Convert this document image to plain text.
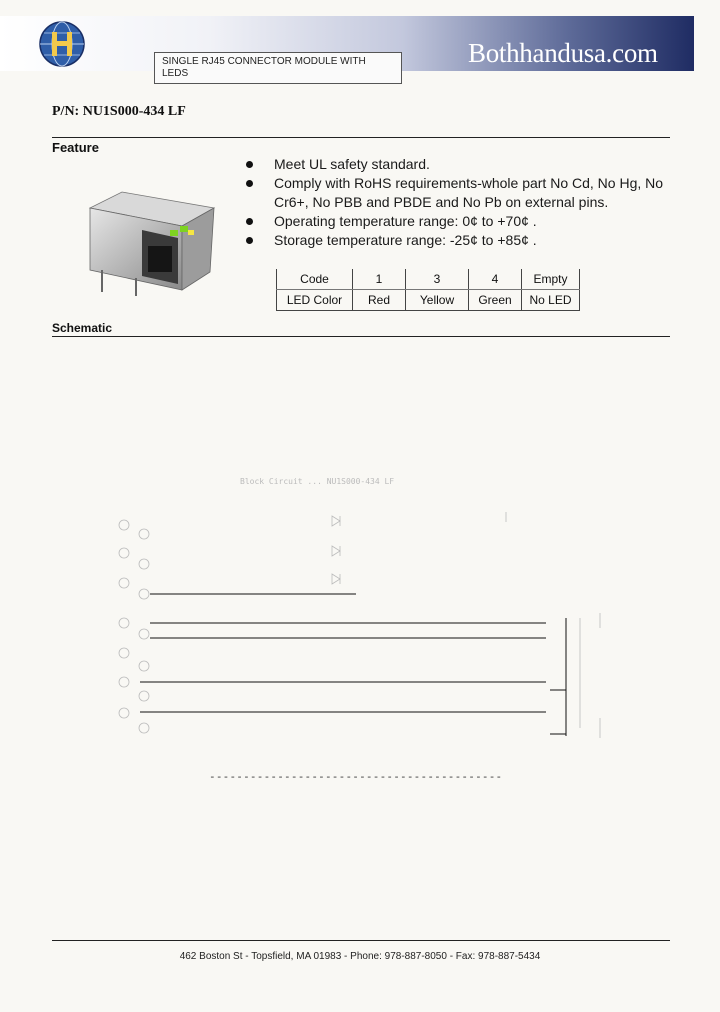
SINGLE RJ45 CONNECTOR MODULE WITH
LEDS
Bothhandusa.com
P/N: NU1S000-434 LF
Feature
Meet UL safety standard.
Comply with RoHS requirements-whole part No Cd, No Hg, No Cr6+, No PBB and PBDE and No Pb on external pins.
Operating temperature range: 0¢ to +70¢ .
Storage temperature range: -25¢ to +85¢ .
Code	1	3	4	Empty
LED Color	Red	Yellow	Green	No LED
Schematic
Block Circuit ... NU1S000-434 LF
-------------------------------------------
462 Boston St - Topsfield, MA 01983 - Phone: 978-887-8050 - Fax: 978-887-5434
